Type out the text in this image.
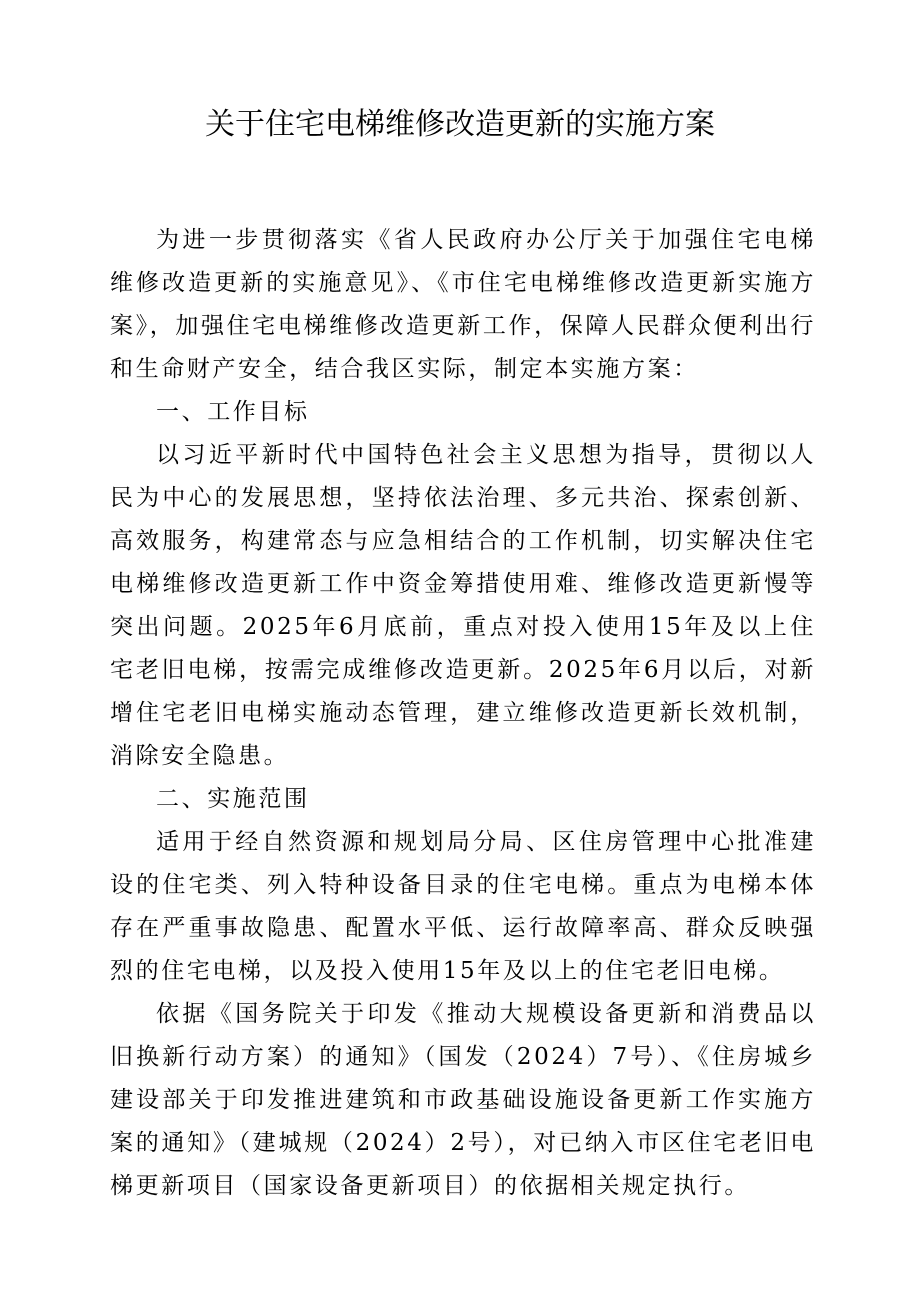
关于住宅电梯维修改造更新的实施方案

为进一步贯彻落实《省人民政府办公厅关于加强住宅电梯维修改造更新的实施意见》、《市住宅电梯维修改造更新实施方案》，加强住宅电梯维修改造更新工作，保障人民群众便利出行和生命财产安全，结合我区实际，制定本实施方案：

一、工作目标

以习近平新时代中国特色社会主义思想为指导，贯彻以人民为中心的发展思想，坚持依法治理、多元共治、探索创新、高效服务，构建常态与应急相结合的工作机制，切实解决住宅电梯维修改造更新工作中资金筹措使用难、维修改造更新慢等突出问题。2025年6月底前，重点对投入使用15年及以上住宅老旧电梯，按需完成维修改造更新。2025年6月以后，对新增住宅老旧电梯实施动态管理，建立维修改造更新长效机制，消除安全隐患。

二、实施范围

适用于经自然资源和规划局分局、区住房管理中心批准建设的住宅类、列入特种设备目录的住宅电梯。重点为电梯本体存在严重事故隐患、配置水平低、运行故障率高、群众反映强烈的住宅电梯，以及投入使用15年及以上的住宅老旧电梯。

依据《国务院关于印发《推动大规模设备更新和消费品以旧换新行动方案）的通知》（国发（2024）7号）、《住房城乡建设部关于印发推进建筑和市政基础设施设备更新工作实施方案的通知》（建城规（2024）2号），对已纳入市区住宅老旧电梯更新项目（国家设备更新项目）的依据相关规定执行。
